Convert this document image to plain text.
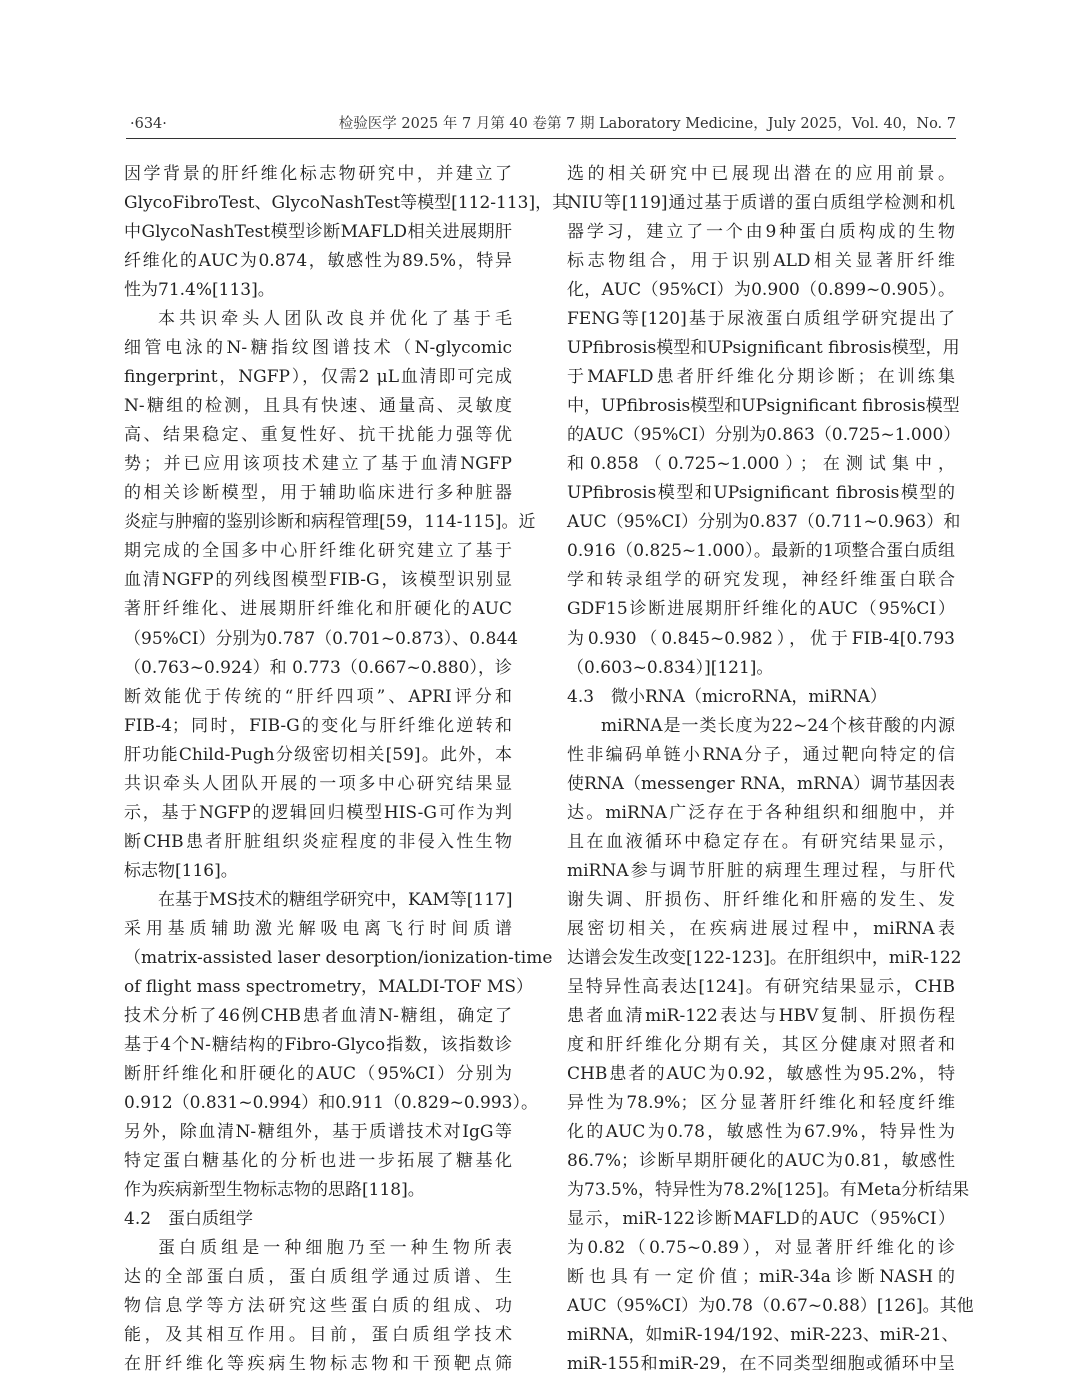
·634·	检验医学 2025 年 7 月第 40 卷第 7 期 Laboratory Medicine，July 2025，Vol. 40，No. 7
因学背景的肝纤维化标志物研究中，并建立了
GlycoFibroTest、GlycoNashTest等模型[112-113]，其
中GlycoNashTest模型诊断MAFLD相关进展期肝
纤维化的AUC为0.874，敏感性为89.5%，特异
性为71.4%[113]。
本共识牵头人团队改良并优化了基于毛
细管电泳的N-糖指纹图谱技术（N-glycomic
fingerprint，NGFP），仅需2 μL血清即可完成
N-糖组的检测，且具有快速、通量高、灵敏度
高、结果稳定、重复性好、抗干扰能力强等优
势；并已应用该项技术建立了基于血清NGFP
的相关诊断模型，用于辅助临床进行多种脏器
炎症与肿瘤的鉴别诊断和病程管理[59，114-115]。近
期完成的全国多中心肝纤维化研究建立了基于
血清NGFP的列线图模型FIB-G，该模型识别显
著肝纤维化、进展期肝纤维化和肝硬化的AUC
（95%CI）分别为0.787（0.701~0.873）、0.844
（0.763~0.924）和 0.773（0.667~0.880），诊
断效能优于传统的“肝纤四项”、APRI评分和
FIB-4；同时，FIB-G的变化与肝纤维化逆转和
肝功能Child-Pugh分级密切相关[59]。此外，本
共识牵头人团队开展的一项多中心研究结果显
示，基于NGFP的逻辑回归模型HIS-G可作为判
断CHB患者肝脏组织炎症程度的非侵入性生物
标志物[116]。
在基于MS技术的糖组学研究中，KAM等[117]
采用基质辅助激光解吸电离飞行时间质谱
（matrix-assisted laser desorption/ionization-time
of flight mass spectrometry，MALDI-TOF MS）
技术分析了46例CHB患者血清N-糖组，确定了
基于4个N-糖结构的Fibro-Glyco指数，该指数诊
断肝纤维化和肝硬化的AUC（95%CI）分别为
0.912（0.831~0.994）和0.911（0.829~0.993）。
另外，除血清N-糖组外，基于质谱技术对IgG等
特定蛋白糖基化的分析也进一步拓展了糖基化
作为疾病新型生物标志物的思路[118]。
4.2 蛋白质组学
蛋白质组是一种细胞乃至一种生物所表
达的全部蛋白质，蛋白质组学通过质谱、生
物信息学等方法研究这些蛋白质的组成、功
能，及其相互作用。目前，蛋白质组学技术
在肝纤维化等疾病生物标志物和干预靶点筛
选的相关研究中已展现出潜在的应用前景。
NIU等[119]通过基于质谱的蛋白质组学检测和机
器学习，建立了一个由9种蛋白质构成的生物
标志物组合，用于识别ALD相关显著肝纤维
化，AUC（95%CI）为0.900（0.899~0.905）。
FENG等[120]基于尿液蛋白质组学研究提出了
UPfibrosis模型和UPsignificant fibrosis模型，用
于MAFLD患者肝纤维化分期诊断；在训练集
中，UPfibrosis模型和UPsignificant fibrosis模型
的AUC（95%CI）分别为0.863（0.725~1.000）
和0.858（0.725~1.000）；在测试集中，
UPfibrosis模型和UPsignificant fibrosis模型的
AUC（95%CI）分别为0.837（0.711~0.963）和
0.916（0.825~1.000）。最新的1项整合蛋白质组
学和转录组学的研究发现，神经纤维蛋白联合
GDF15诊断进展期肝纤维化的AUC（95%CI）
为0.930（0.845~0.982），优于FIB-4[0.793
（0.603~0.834）][121]。
4.3 微小RNA（microRNA，miRNA）
miRNA是一类长度为22~24个核苷酸的内源
性非编码单链小RNA分子，通过靶向特定的信
使RNA（messenger RNA，mRNA）调节基因表
达。miRNA广泛存在于各种组织和细胞中，并
且在血液循环中稳定存在。有研究结果显示，
miRNA参与调节肝脏的病理生理过程，与肝代
谢失调、肝损伤、肝纤维化和肝癌的发生、发
展密切相关，在疾病进展过程中，miRNA表
达谱会发生改变[122-123]。在肝组织中，miR-122
呈特异性高表达[124]。有研究结果显示，CHB
患者血清miR-122表达与HBV复制、肝损伤程
度和肝纤维化分期有关，其区分健康对照者和
CHB患者的AUC为0.92，敏感性为95.2%，特
异性为78.9%；区分显著肝纤维化和轻度纤维
化的AUC为0.78，敏感性为67.9%，特异性为
86.7%；诊断早期肝硬化的AUC为0.81，敏感性
为73.5%，特异性为78.2%[125]。有Meta分析结果
显示，miR-122诊断MAFLD的AUC（95%CI）
为0.82（0.75~0.89），对显著肝纤维化的诊
断也具有一定价值；miR-34a诊断NASH的
AUC（95%CI）为0.78（0.67~0.88）[126]。其他
miRNA，如miR-194/192、miR-223、miR-21、
miR-155和miR-29，在不同类型细胞或循环中呈
